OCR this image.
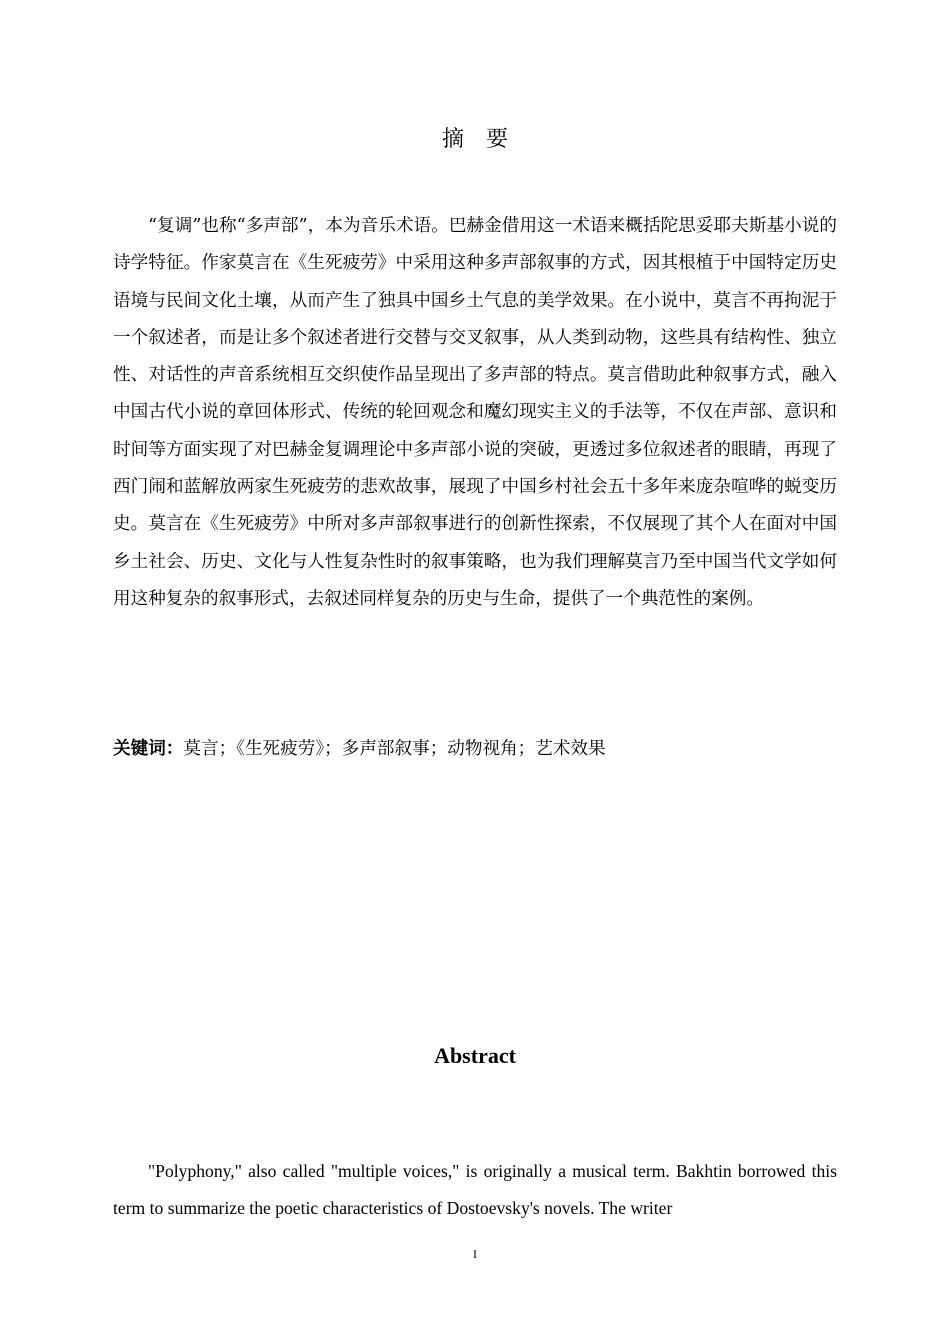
摘要

“复调”也称“多声部”，本为音乐术语。巴赫金借用这一术语来概括陀思妥耶夫斯基小说的诗学特征。作家莫言在《生死疲劳》中采用这种多声部叙事的方式，因其根植于中国特定历史语境与民间文化土壤，从而产生了独具中国乡土气息的美学效果。在小说中，莫言不再拘泥于一个叙述者，而是让多个叙述者进行交替与交叉叙事，从人类到动物，这些具有结构性、独立性、对话性的声音系统相互交织使作品呈现出了多声部的特点。莫言借助此种叙事方式，融入中国古代小说的章回体形式、传统的轮回观念和魔幻现实主义的手法等，不仅在声部、意识和时间等方面实现了对巴赫金复调理论中多声部小说的突破，更透过多位叙述者的眼睛，再现了西门闹和蓝解放两家生死疲劳的悲欢故事，展现了中国乡村社会五十多年来庞杂喧哗的蜕变历史。莫言在《生死疲劳》中所对多声部叙事进行的创新性探索，不仅展现了其个人在面对中国乡土社会、历史、文化与人性复杂性时的叙事策略，也为我们理解莫言乃至中国当代文学如何用这种复杂的叙事形式，去叙述同样复杂的历史与生命，提供了一个典范性的案例。

关键词：莫言；《生死疲劳》；多声部叙事；动物视角；艺术效果

Abstract

"Polyphony," also called "multiple voices," is originally a musical term. Bakhtin borrowed this term to summarize the poetic characteristics of Dostoevsky's novels. The writer

I
